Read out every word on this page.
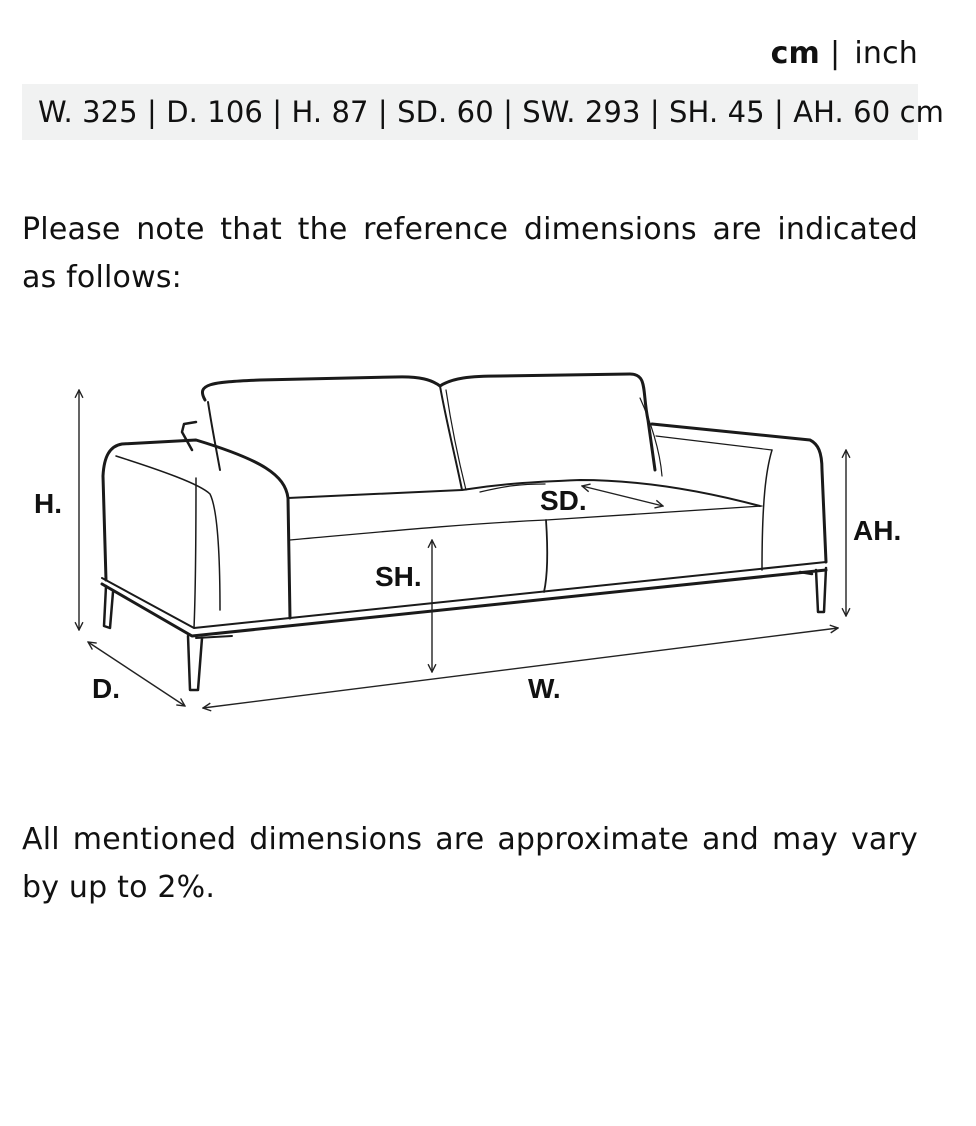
cm | inch
W. 325 | D. 106 | H. 87 | SD. 60 | SW. 293 | SH. 45 | AH. 60 cm

Please note that the reference dimensions are indicated as follows:

H.
D.	W.
SD.
SH.
AH.

All mentioned dimensions are approximate and may vary by up to 2%.
